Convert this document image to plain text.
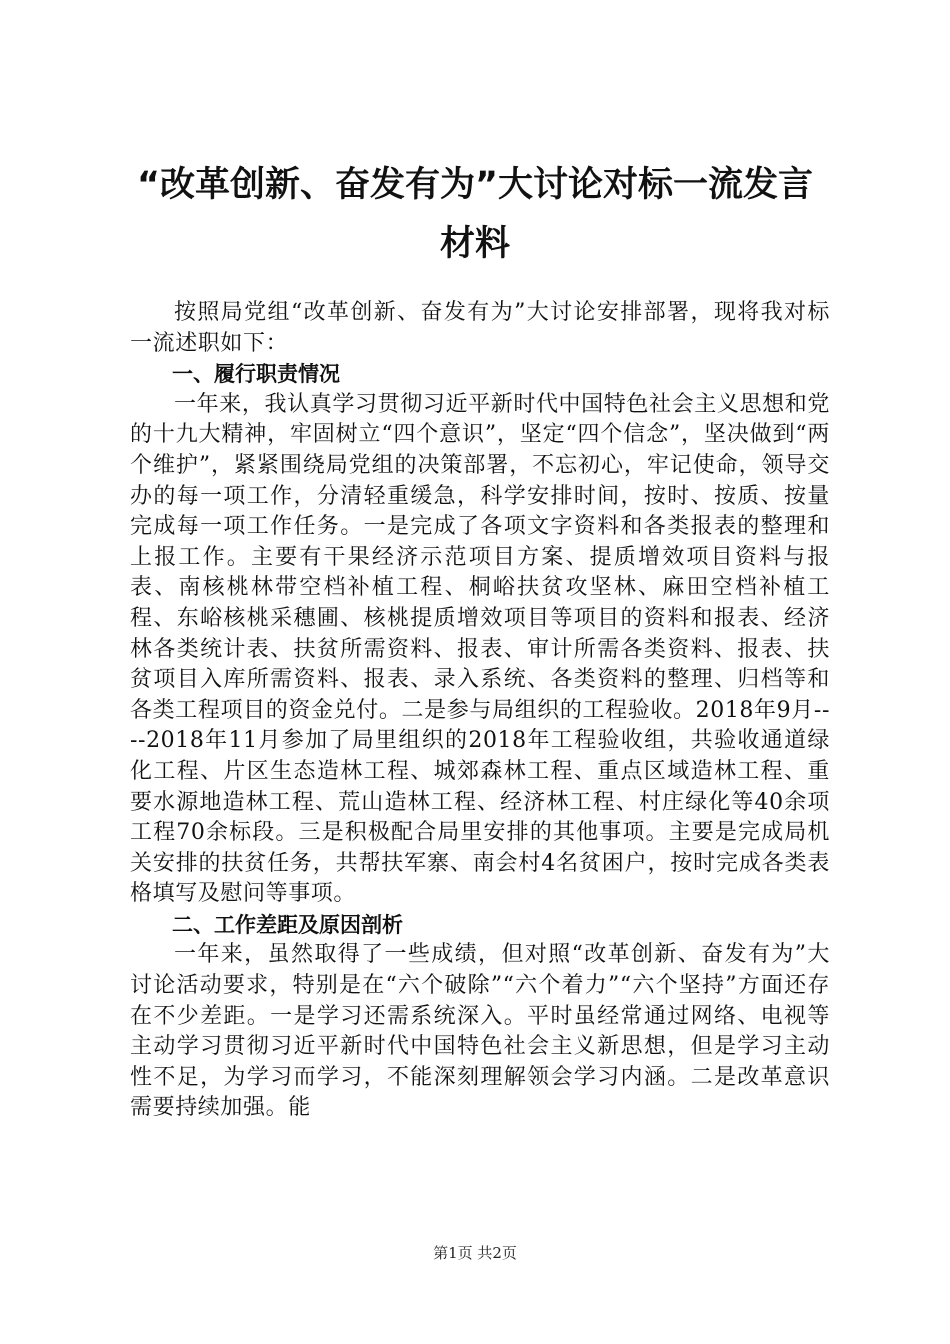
“改革创新、奋发有为”大讨论对标一流发言
材料

按照局党组“改革创新、奋发有为”大讨论安排部署，现将我对标一流述职如下：

一、履行职责情况

一年来，我认真学习贯彻习近平新时代中国特色社会主义思想和党的十九大精神，牢固树立“四个意识”，坚定“四个信念”，坚决做到“两个维护”，紧紧围绕局党组的决策部署，不忘初心，牢记使命，领导交办的每一项工作，分清轻重缓急，科学安排时间，按时、按质、按量完成每一项工作任务。一是完成了各项文字资料和各类报表的整理和上报工作。主要有干果经济示范项目方案、提质增效项目资料与报表、南核桃林带空档补植工程、桐峪扶贫攻坚林、麻田空档补植工程、东峪核桃采穗圃、核桃提质增效项目等项目的资料和报表、经济林各类统计表、扶贫所需资料、报表、审计所需各类资料、报表、扶贫项目入库所需资料、报表、录入系统、各类资料的整理、归档等和各类工程项目的资金兑付。二是参与局组织的工程验收。2018年9月----2018年11月参加了局里组织的2018年工程验收组，共验收通道绿化工程、片区生态造林工程、城郊森林工程、重点区域造林工程、重要水源地造林工程、荒山造林工程、经济林工程、村庄绿化等40余项工程70余标段。三是积极配合局里安排的其他事项。主要是完成局机关安排的扶贫任务，共帮扶军寨、南会村4名贫困户，按时完成各类表格填写及慰问等事项。

二、工作差距及原因剖析

一年来，虽然取得了一些成绩，但对照“改革创新、奋发有为”大讨论活动要求，特别是在“六个破除”“六个着力”“六个坚持”方面还存在不少差距。一是学习还需系统深入。平时虽经常通过网络、电视等主动学习贯彻习近平新时代中国特色社会主义新思想，但是学习主动性不足，为学习而学习，不能深刻理解领会学习内涵。二是改革意识需要持续加强。能

第1页 共2页
